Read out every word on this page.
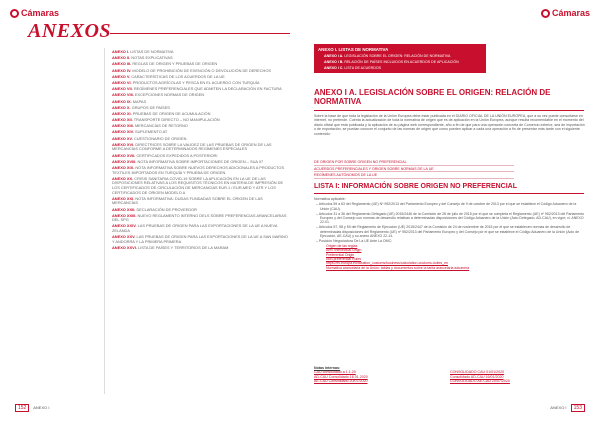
Cámaras
ANEXOS
ANEXO I. LISTAS DE NORMATIVA
ANEXO II. NOTAS EXPLICATIVAS
ANEXO III. REGLAS DE ORIGEN Y PRUEBAS DE ORIGEN
ANEXO IV. MODELO DE PROHIBICIÓN DE EXENCIÓN O DEVOLUCIÓN DE DERECHOS
ANEXO V. CARACTERÍSTICAS DE LOS ACUERDOS DE LA UE
ANEXO VI. PRODUCTOS AGRÍCOLAS Y PESCA EN EL ACUERDO CON TURQUÍA
ANEXO VII. REGÍMENES PREFERENCIALES QUE ADMITEN LA DECLARACIÓN EN FACTURA
ANEXO VIII. EXCEPCIONES NORMAS DE ORIGEN
ANEXO IX. MAPAS
ANEXO X. GRUPOS DE PAÍSES
ANEXO XI. PRUEBAS DE ORIGEN DE ACUMULACIÓN
ANEXO XII. TRANSPORTE DIRECTO – NO MANIPULACIÓN
ANEXO XIII. MERCANCÍAS DE RETORNO
ANEXO XIV. SUPLEMENTO AT
ANEXO XV. CUESTIONARIO DE ORIGEN
ANEXO XVI. DIRECTRICES SOBRE LA VALIDEZ DE LAS PRUEBAS DE ORIGEN DE LAS MERCANCÍAS CONFORME A DETERMINADOS REGÍMENES ESPECIALES
ANEXO XVII. CERTIFICADOS EXPEDIDOS A POSTERIORI
ANEXO XVIII. NOTA INFORMATIVA SOBRE IMPORTACIONES DE ORIGEN – SUA 07
ANEXO XIX. NOTA INFORMATIVA SOBRE NUEVOS DERECHOS ADICIONALES A PRODUCTOS TEXTILES IMPORTADOS EN TURQUÍA Y PRUEBA DE ORIGEN
ANEXO XX. CRISIS SANITARIA COVID-19 SOBRE LA APLICACIÓN EN LA UE DE LAS DISPOSICIONES RELATIVAS A LOS REQUISITOS TÉCNICOS EN MATERIA DE IMPRESIÓN DE LOS CERTIFICADOS DE CIRCULACIÓN DE MERCANCÍAS EUR.1 / EUR-MED Y ATR Y LOS CERTIFICADOS DE ORIGEN MODELO A
ANEXO XXI. NOTA INFORMATIVA: DUDAS FUNDADAS SOBRE EL ORIGEN DE LAS MERCANCÍAS
ANEXO XXII. DECLARACIÓN DE PROVEEDOR
ANEXO XXIII. NUEVO REGLAMENTO INTERNO DELS SOBRE PREFERENCIAS ARANCELARIAS DEL SPG
ANEXO XXIV. LAS PRUEBAS DE ORIGEN PARA LAS EXPORTACIONES DE LA UE A NUEVA ZELANDA
ANEXO XXV. LAS PRUEBAS DE ORIGEN PARA LAS EXPORTACIONES DE LA UE A SAN MARINO Y ANDORRA Y LA PRIMERA PRIMERA
ANEXO XXVI. LISTA DE PAÍSES Y TERRITORIOS DE LA MARAM
152 ANEXO I
Cámaras
ANEXO I. LISTAS DE NORMATIVA
ANEXO I A. LEGISLACIÓN SOBRE EL ORIGEN: RELACIÓN DE NORMATIVA
ANEXO I B. RELACIÓN DE PAÍSES INCLUIDOS EN ACUERDOS DE APLICACIÓN
ANEXO I C. LISTA DE ACUERDOS
ANEXO I A. LEGISLACIÓN SOBRE EL ORIGEN: RELACIÓN DE NORMATIVA
Sobre la base de que toda la legislación de la Unión Europea debe estar publicada en el DIARIO OFICIAL DE LA UNIÓN EUROPEA, que a su vez puede consultarse en internet, no pretende. Cuenta la actualización de toda la normativa de origen que es de aplicación en la Unión Europea, aunque resulta recomendable en el momento del diario oficial que está publicada y la aplicación de su página web correspondiente, año a fin de que para una operación concreta de Comercio exterior, sea de importación o de exportación, se puedan conocer el conjunto de las normas de origen que como pueden aplicar a cada una operación a fin de presentar más tarde con el siguiente contenido:
DE ORIGEN POR SOBRE ORIGEN NO PREFERENCIAL
ACUERDOS PREFERENCIALES Y ORIGEN SOBRE NORMAS DE LA UE
REGÍMENES AUTÓNOMOS DE LA UE
LISTA I: INFORMACIÓN SOBRE ORIGEN NO PREFERENCIAL
Normativa aplicable:
– Artículos 59 a 63 del Reglamento (UE) Nº 952/2013 del Parlamento Europeo y del Consejo de 9 de octubre de 2013 por el que se establece el Código Aduanero de la Unión (CAU).
– Artículos 31 a 36 del Reglamento Delegado (UE) 2015/2446 de la Comisión de 28 de julio de 2015 por el que se completa el Reglamento (UE) nº 952/2013 del Parlamento Europeo y del Consejo con normas de desarrollo relativas a determinadas disposiciones del Código Aduanero de la Unión (Acto Delegado, AD-CAU), en vigor; vi. ANEXO 22-01.
– Artículos 57, 58 y 59 del Reglamento de Ejecución (UE) 2015/2447 de la Comisión de 24 de noviembre de 2015 por el que se establecen normas de desarrollo de determinadas disposiciones del Reglamento (UE) nº 952/2013 del Parlamento Europeo y del Consejo por el que se establece el Código Aduanero de la Unión (Acto de Ejecución, AE-CAU) y su anexo ANEXO 22-14.
– Posición Negociadora De La UE Ante La OMC:
Origen de las reglas
Arm: Intellectual Origin
Preferential Origin
Non-preferential Rules
https://ec.europa.eu/taxation_customs/business/calculation-customs-duties_en
Normativa arancelaria de la Unión: tablas y documentos sobre la tarifa arancelaria aduanera
Notas Internas:
CAU consolidado a 1.1.20	CONSOLIDADO CAU 01/01/2020
AD-CAU Consolidado 16.01.2020	Consolidado AD-CAU 16/01/2020
AE-CAU Consolidado 20/07/2020	CONSOLIDADO AE-CAU 20/07/2020
ANEXO I 153
